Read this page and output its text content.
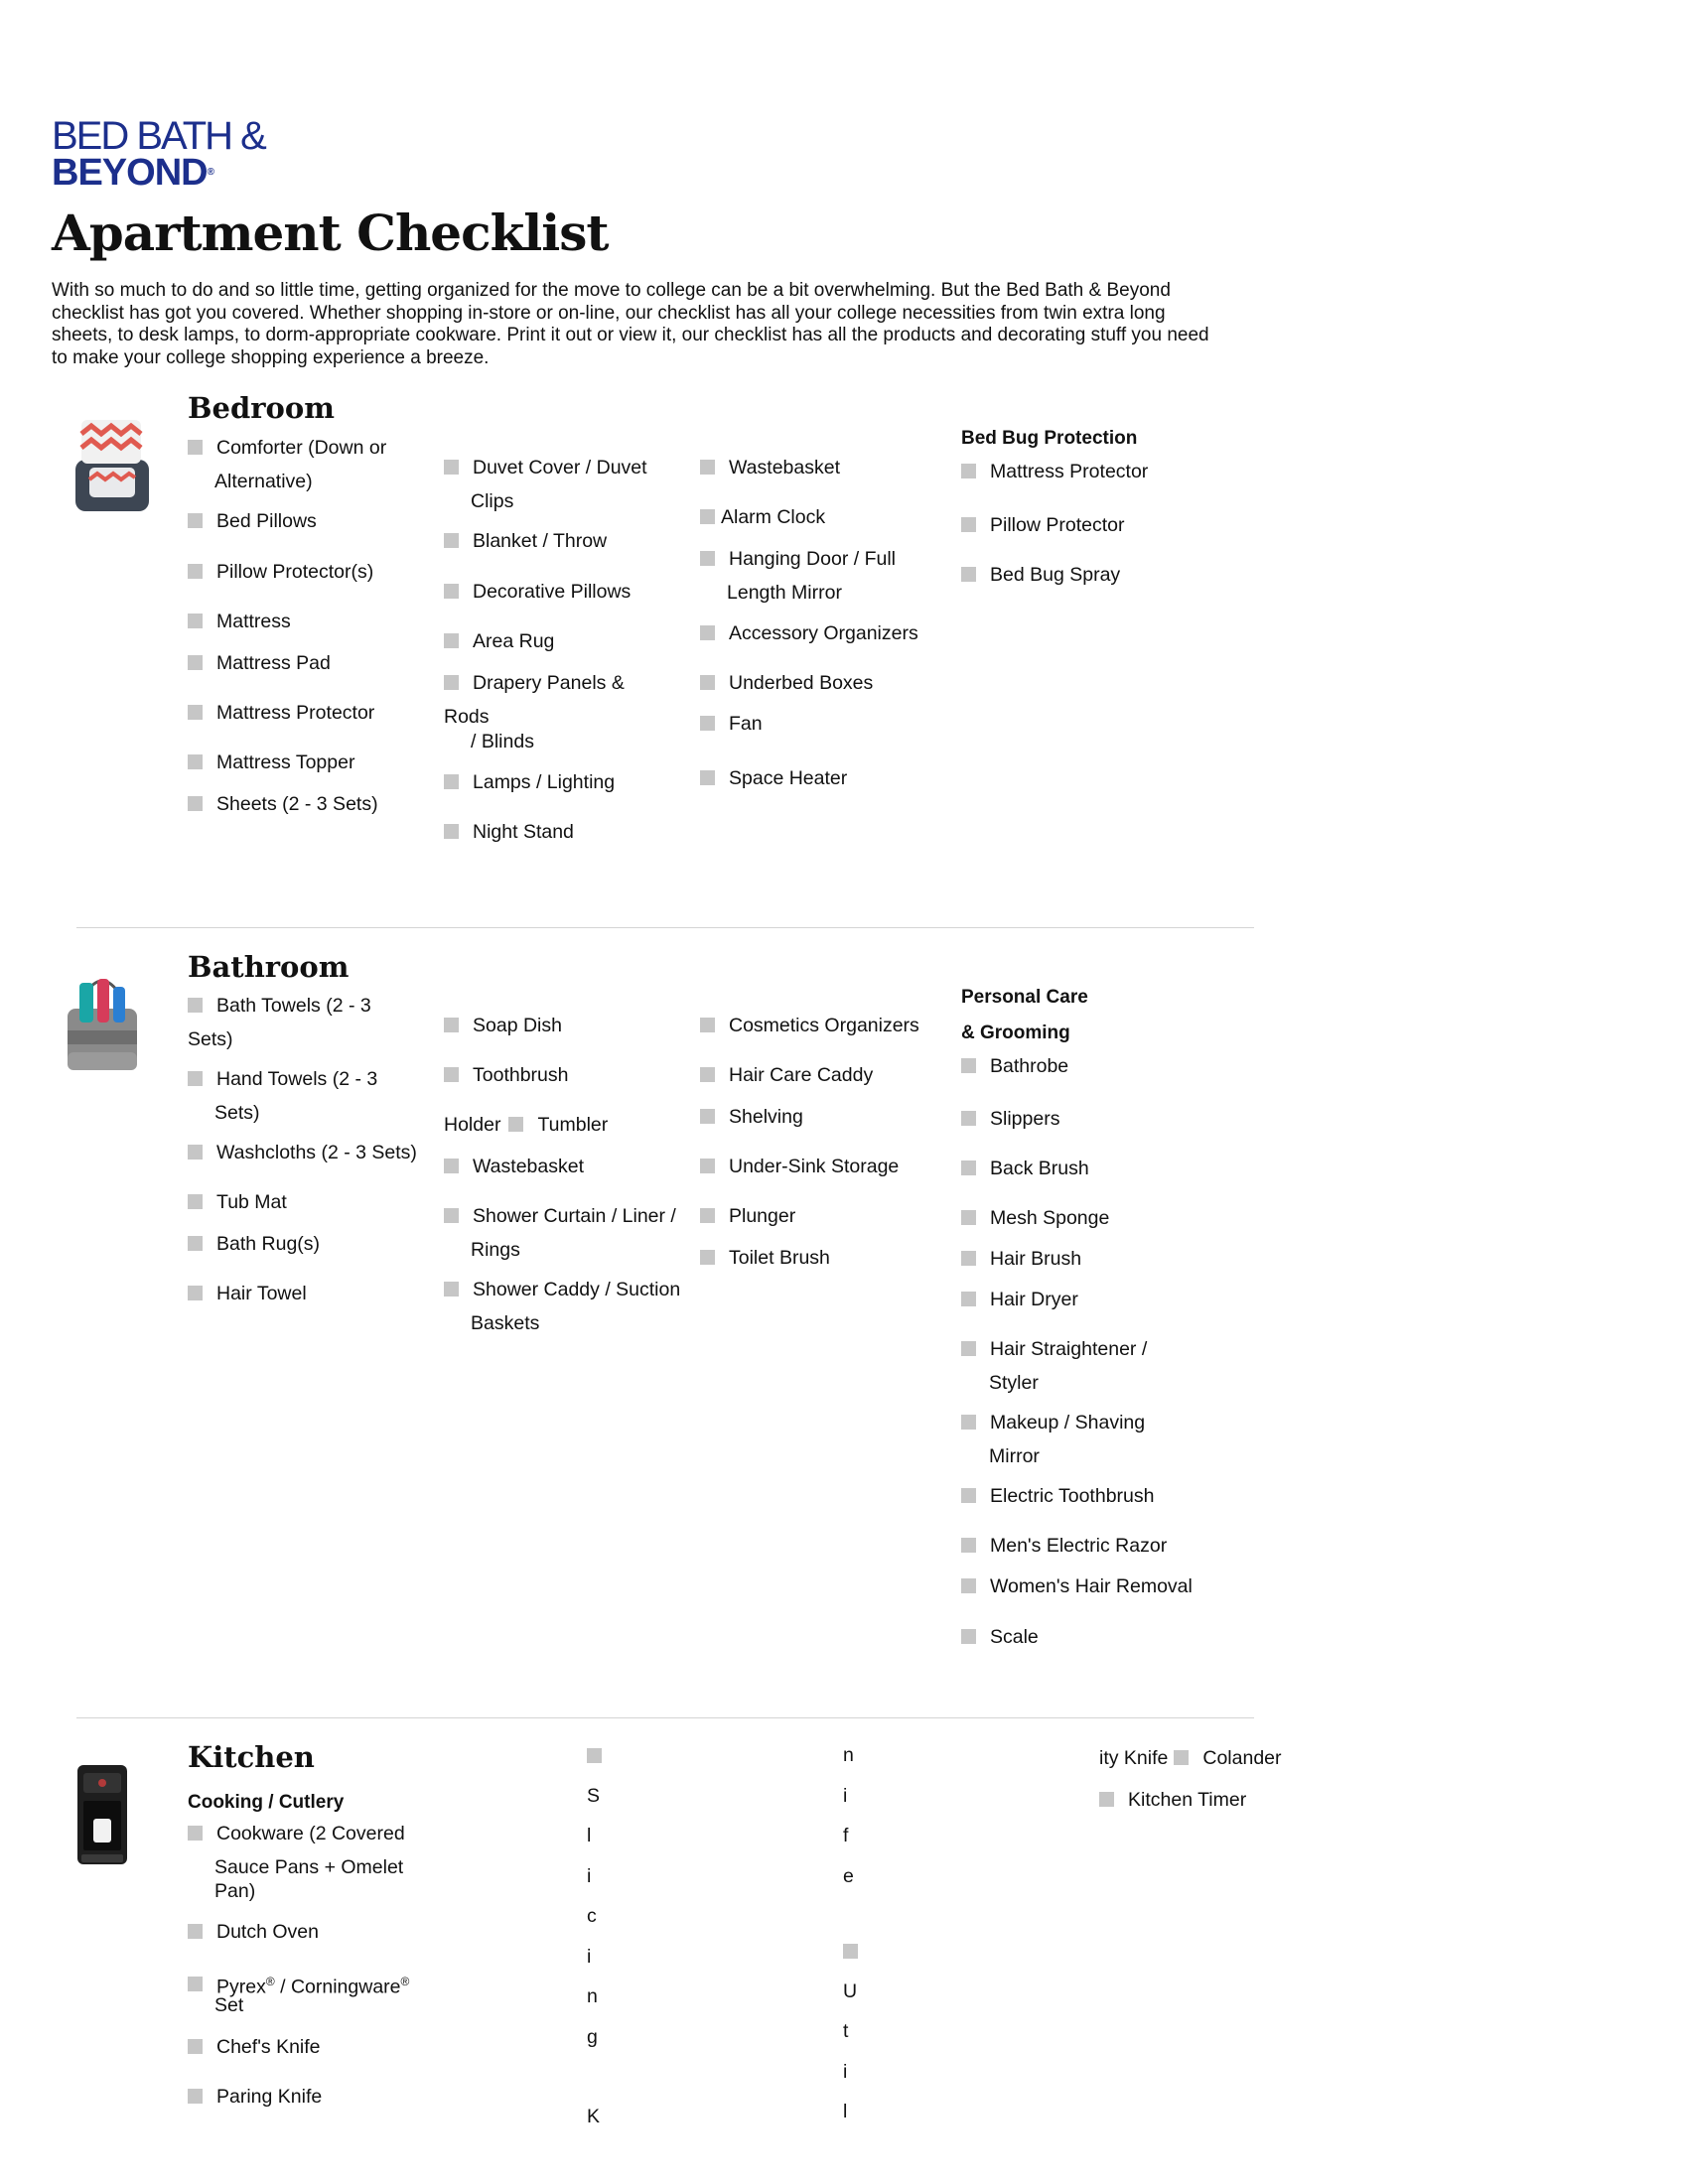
BED BATH &
BEYOND®
Apartment Checklist

With so much to do and so little time, getting organized for the move to college can be a bit overwhelming. But the Bed Bath & Beyond checklist has got you covered. Whether shopping in-store or on-line, our checklist has all your college necessities from twin extra long sheets, to desk lamps, to dorm-appropriate cookware. Print it out or view it, our checklist has all the products and decorating stuff you need to make your college shopping experience a breeze.

Bedroom
Comforter (Down or
Alternative)
Bed Pillows
Pillow Protector(s)
Mattress
Mattress Pad
Mattress Protector
Mattress Topper
Sheets (2 - 3 Sets)
Duvet Cover / Duvet
Clips
Blanket / Throw
Decorative Pillows
Area Rug
Drapery Panels &
Rods
/ Blinds
Lamps / Lighting
Night Stand
Wastebasket
Alarm Clock
Hanging Door / Full
Length Mirror
Accessory Organizers
Underbed Boxes
Fan
Space Heater
Bed Bug Protection
Mattress Protector
Pillow Protector
Bed Bug Spray
Bathroom
Bath Towels (2 - 3
Sets)
Hand Towels (2 - 3
Sets)
Washcloths (2 - 3 Sets)
Tub Mat
Bath Rug(s)
Hair Towel
Soap Dish
Toothbrush
Holder Tumbler
Wastebasket
Shower Curtain / Liner /
Rings
Shower Caddy / Suction
Baskets
Cosmetics Organizers
Hair Care Caddy
Shelving
Under-Sink Storage
Plunger
Toilet Brush
Personal Care
& Grooming
Bathrobe
Slippers
Back Brush
Mesh Sponge
Hair Brush
Hair Dryer
Hair Straightener /
Styler
Makeup / Shaving
Mirror
Electric Toothbrush
Men's Electric Razor
Women's Hair Removal
Scale
Kitchen
Cooking / Cutlery
Cookware (2 Covered
Sauce Pans + Omelet
Pan)
Dutch Oven
Pyrex® / Corningware®
Set
Chef's Knife
Paring Knife
S
l
i
c
i
n
g
K
n
i
f
e
U
t
i
l
ity Knife Colander
Kitchen Timer
